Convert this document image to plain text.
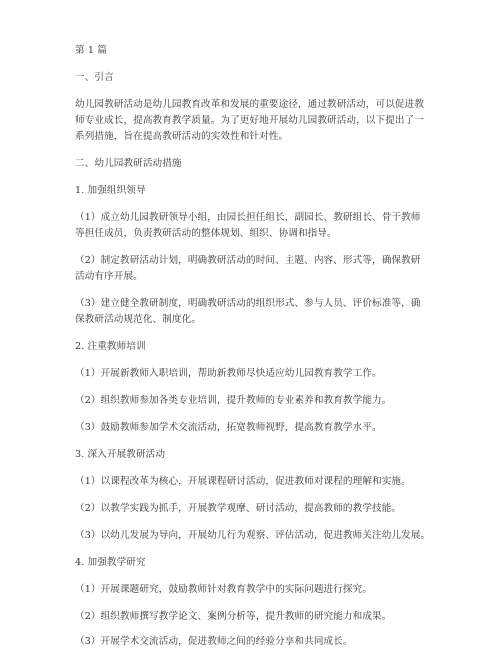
第 1 篇
一、引言
幼儿园教研活动是幼儿园教育改革和发展的重要途径，通过教研活动，可以促进教
师专业成长，提高教育教学质量。为了更好地开展幼儿园教研活动，以下提出了一
系列措施，旨在提高教研活动的实效性和针对性。
二、幼儿园教研活动措施
1. 加强组织领导
（1）成立幼儿园教研领导小组，由园长担任组长，副园长、教研组长、骨干教师
等担任成员，负责教研活动的整体规划、组织、协调和指导。
（2）制定教研活动计划，明确教研活动的时间、主题、内容、形式等，确保教研
活动有序开展。
（3）建立健全教研制度，明确教研活动的组织形式、参与人员、评价标准等，确
保教研活动规范化、制度化。
2. 注重教师培训
（1）开展新教师入职培训，帮助新教师尽快适应幼儿园教育教学工作。
（2）组织教师参加各类专业培训，提升教师的专业素养和教育教学能力。
（3）鼓励教师参加学术交流活动，拓宽教师视野，提高教育教学水平。
3. 深入开展教研活动
（1）以课程改革为核心，开展课程研讨活动，促进教师对课程的理解和实施。
（2）以教学实践为抓手，开展教学观摩、研讨活动，提高教师的教学技能。
（3）以幼儿发展为导向，开展幼儿行为观察、评估活动，促进教师关注幼儿发展。
4. 加强教学研究
（1）开展课题研究，鼓励教师针对教育教学中的实际问题进行探究。
（2）组织教师撰写教学论文、案例分析等，提升教师的研究能力和成果。
（3）开展学术交流活动，促进教师之间的经验分享和共同成长。
